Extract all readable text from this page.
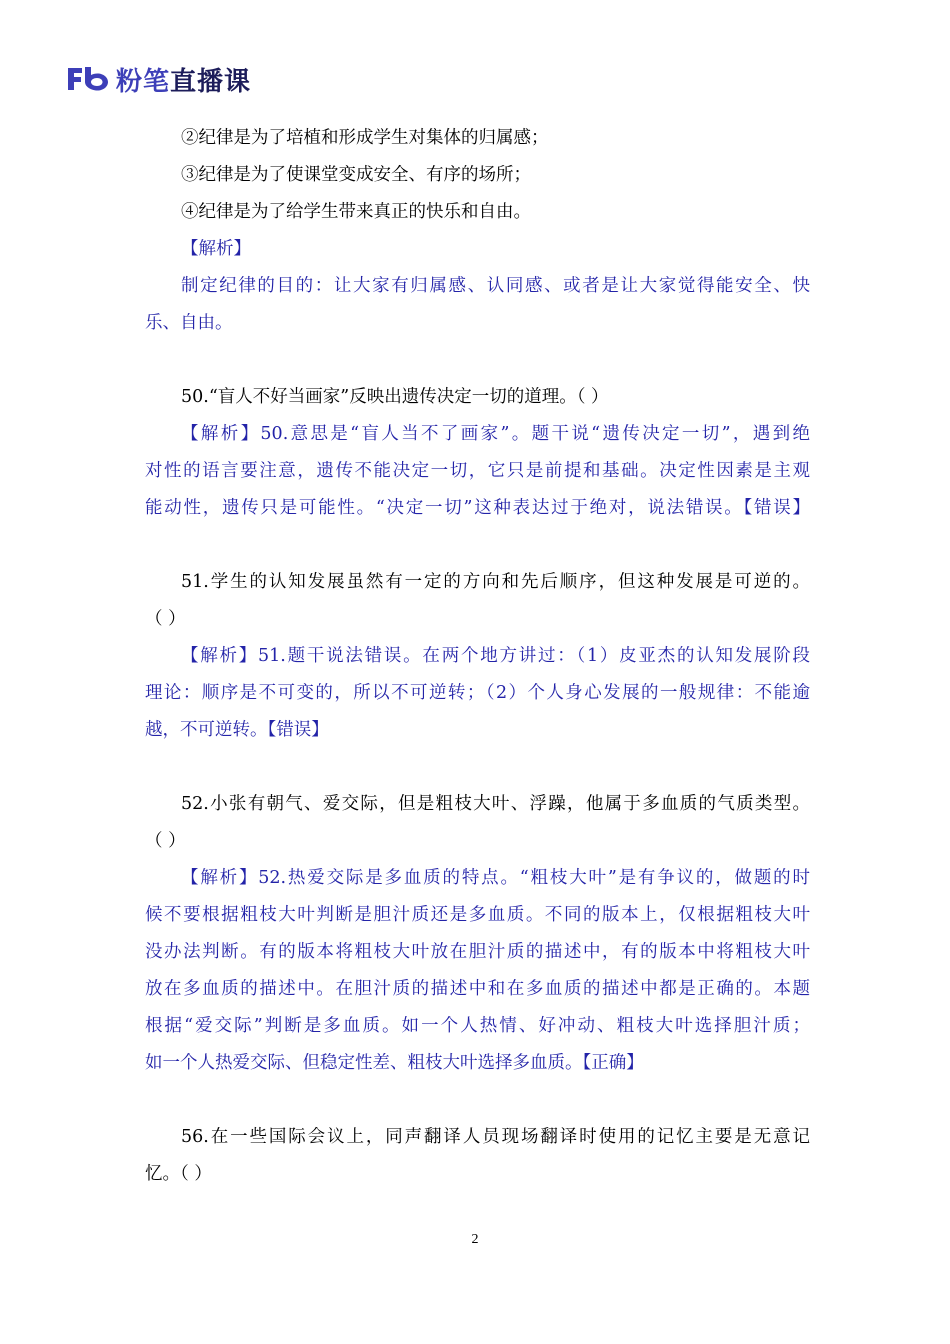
粉笔 直播课
②纪律是为了培植和形成学生对集体的归属感；
③纪律是为了使课堂变成安全、有序的场所；
④纪律是为了给学生带来真正的快乐和自由。
【解析】
制定纪律的目的：让大家有归属感、认同感、或者是让大家觉得能安全、快
乐、自由。
50.“盲人不好当画家”反映出遗传决定一切的道理。（ ）
【解析】50.意思是“盲人当不了画家”。题干说“遗传决定一切”，遇到绝
对性的语言要注意，遗传不能决定一切，它只是前提和基础。决定性因素是主观
能动性，遗传只是可能性。“决定一切”这种表达过于绝对，说法错误。【错误】
51.学生的认知发展虽然有一定的方向和先后顺序，但这种发展是可逆的。
（ ）
【解析】51.题干说法错误。在两个地方讲过：（1）皮亚杰的认知发展阶段
理论：顺序是不可变的，所以不可逆转；（2）个人身心发展的一般规律：不能逾
越，不可逆转。【错误】
52.小张有朝气、爱交际，但是粗枝大叶、浮躁，他属于多血质的气质类型。
（ ）
【解析】52.热爱交际是多血质的特点。“粗枝大叶”是有争议的，做题的时
候不要根据粗枝大叶判断是胆汁质还是多血质。不同的版本上，仅根据粗枝大叶
没办法判断。有的版本将粗枝大叶放在胆汁质的描述中，有的版本中将粗枝大叶
放在多血质的描述中。在胆汁质的描述中和在多血质的描述中都是正确的。本题
根据“爱交际”判断是多血质。如一个人热情、好冲动、粗枝大叶选择胆汁质；
如一个人热爱交际、但稳定性差、粗枝大叶选择多血质。【正确】
56.在一些国际会议上，同声翻译人员现场翻译时使用的记忆主要是无意记
忆。（ ）
2
